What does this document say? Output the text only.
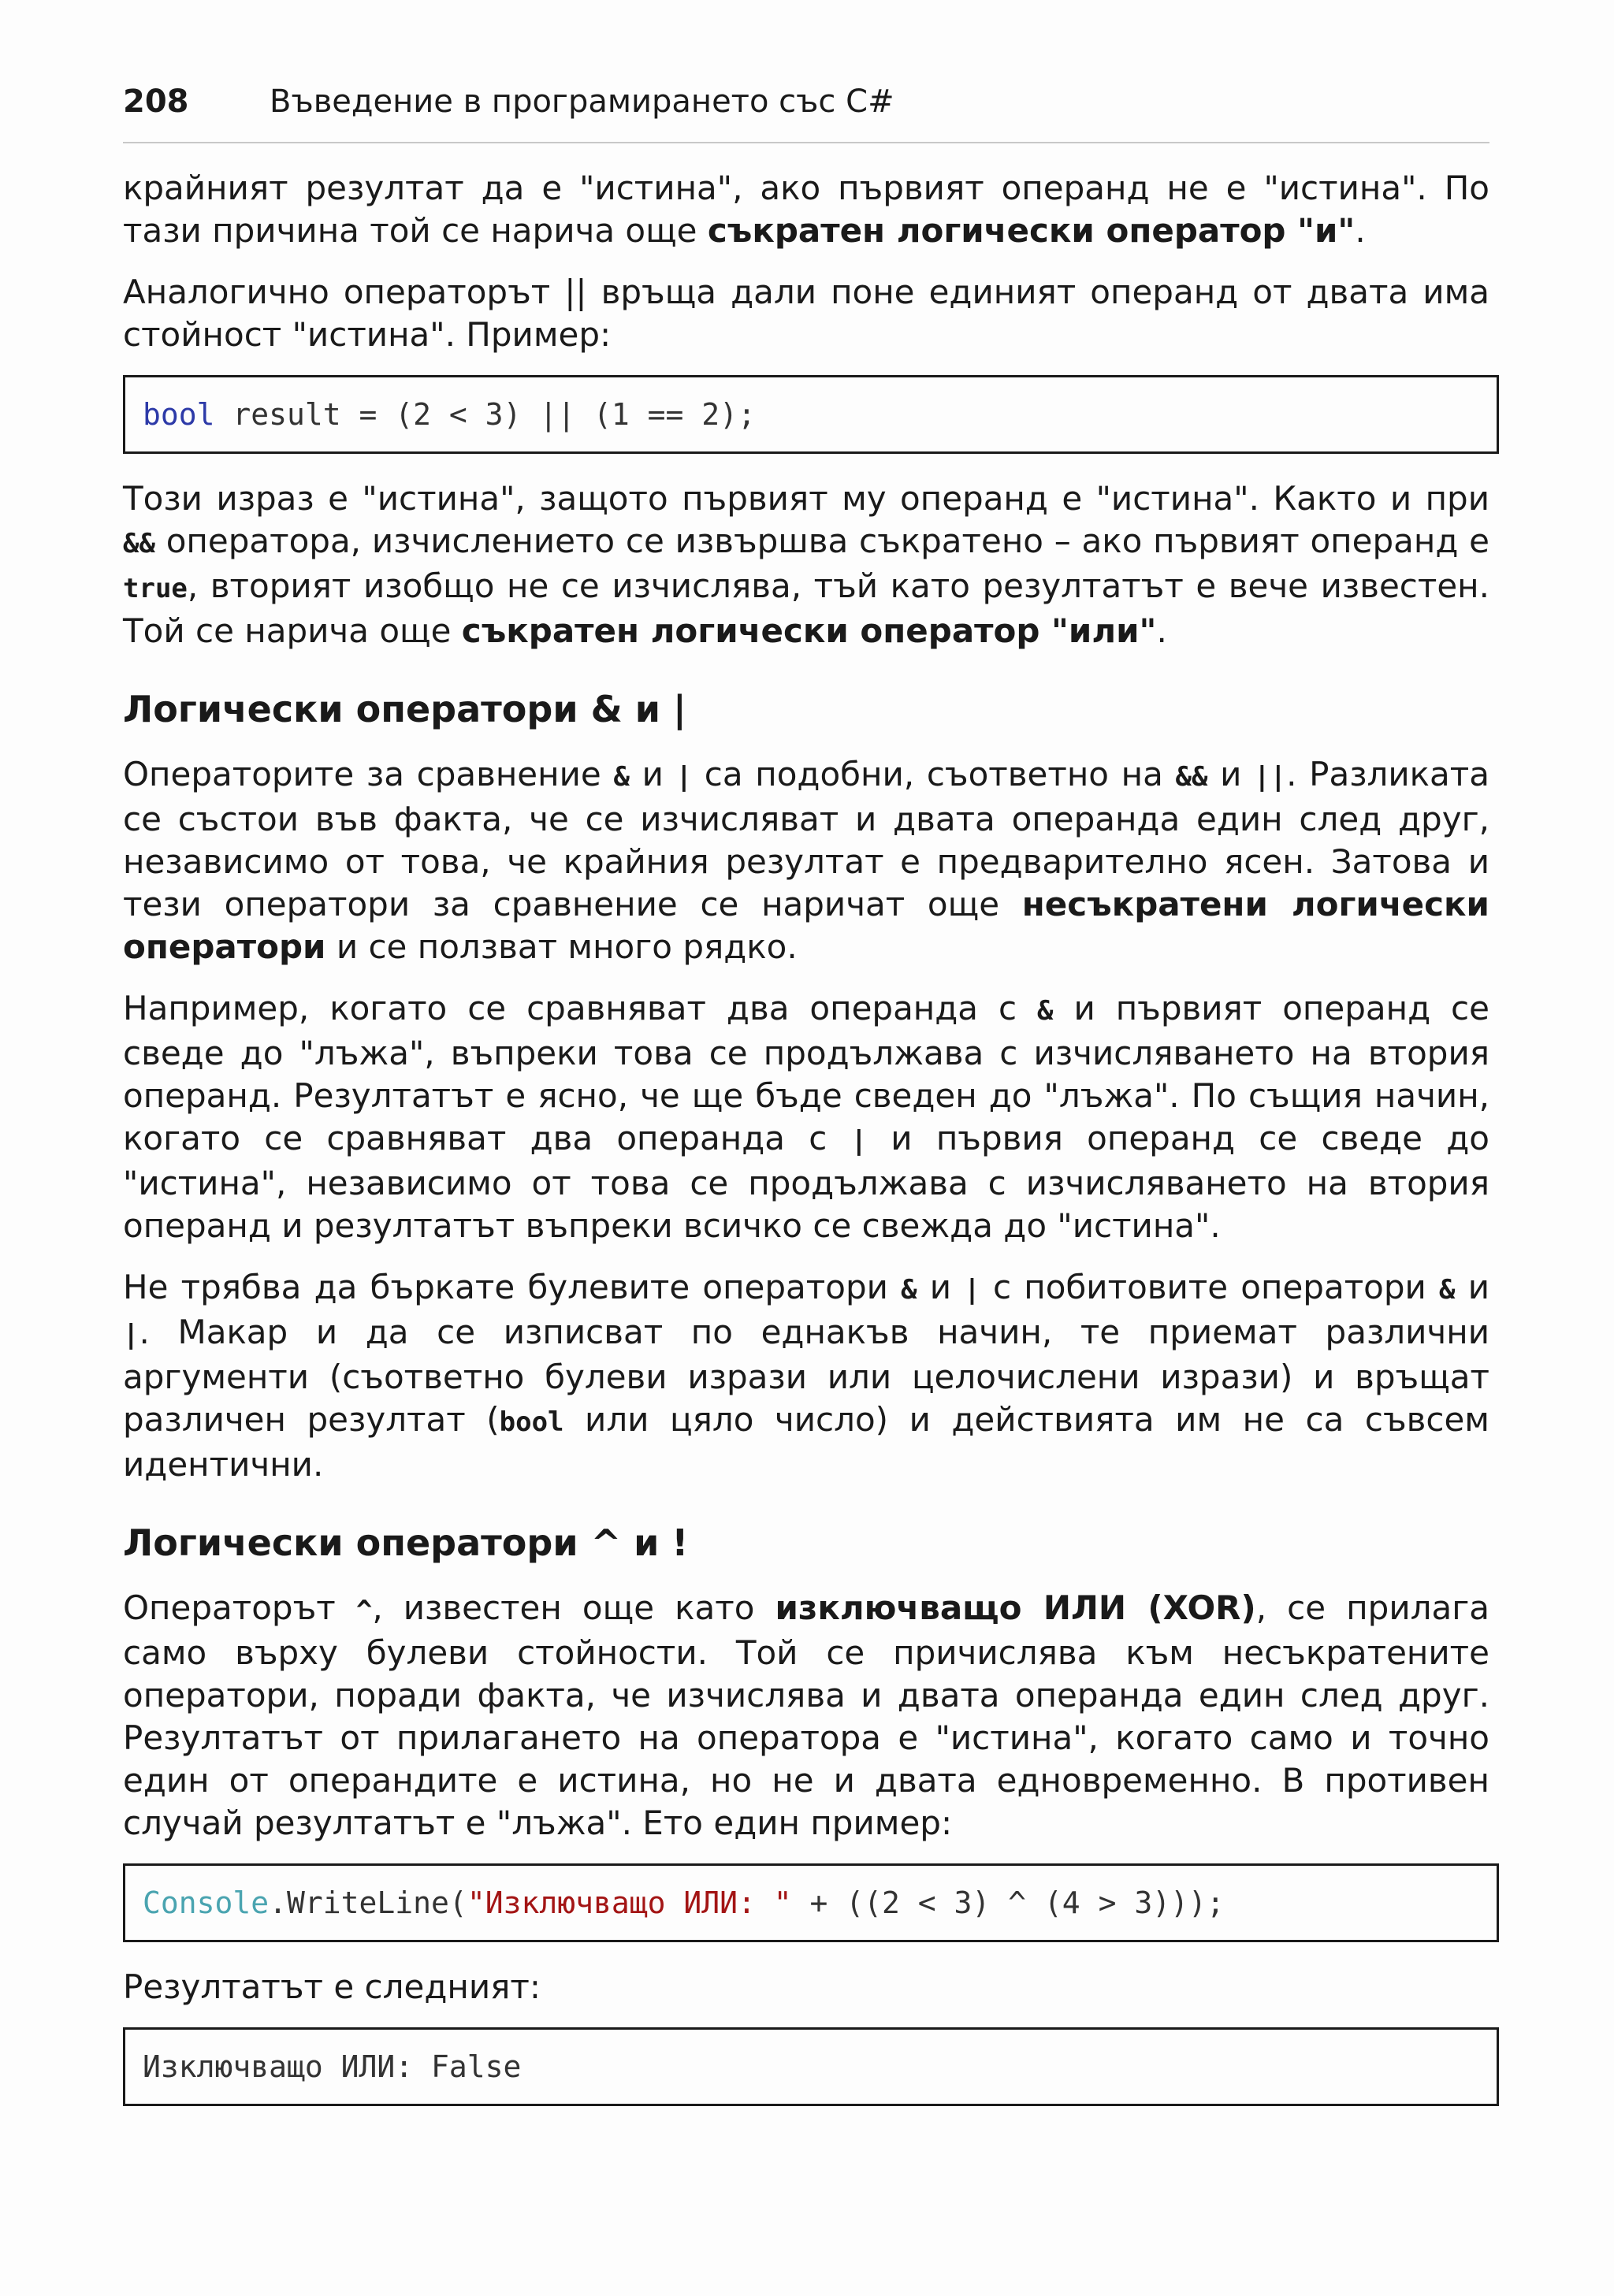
208	Въведение в програмирането със C#

крайният резултат да е "истина", ако първият операнд не е "истина". По тази причина той се нарича още съкратен логически оператор "и".

Аналогично операторът || връща дали поне единият операнд от двата има стойност "истина". Пример:

bool result = (2 < 3) || (1 == 2);

Този израз е "истина", защото първият му операнд е "истина". Както и при && оператора, изчислението се извършва съкратено – ако първият операнд е true, вторият изобщо не се изчислява, тъй като резултатът е вече известен. Той се нарича още съкратен логически оператор "или".

Логически оператори & и |

Операторите за сравнение & и | са подобни, съответно на && и ||. Разликата се състои във факта, че се изчисляват и двата операнда един след друг, независимо от това, че крайния резултат е предварително ясен. Затова и тези оператори за сравнение се наричат още несъкратени логически оператори и се ползват много рядко.

Например, когато се сравняват два операнда с & и първият операнд се сведе до "лъжа", въпреки това се продължава с изчисляването на втория операнд. Резултатът е ясно, че ще бъде сведен до "лъжа". По същия начин, когато се сравняват два операнда с | и първия операнд се сведе до "истина", независимо от това се продължава с изчисляването на втория операнд и резултатът въпреки всичко се свежда до "истина".

Не трябва да бъркате булевите оператори & и | с побитовите оператори & и |. Макар и да се изписват по еднакъв начин, те приемат различни аргументи (съответно булеви изрази или целочислени изрази) и връщат различен резултат (bool или цяло число) и действията им не са съвсем идентични.

Логически оператори ^ и !

Операторът ^, известен още като изключващо ИЛИ (XOR), се прилага само върху булеви стойности. Той се причислява към несъкратените оператори, поради факта, че изчислява и двата операнда един след друг. Резултатът от прилагането на оператора е "истина", когато само и точно един от операндите е истина, но не и двата едновременно. В противен случай резултатът е "лъжа". Ето един пример:

Console.WriteLine("Изключващо ИЛИ: " + ((2 < 3) ^ (4 > 3)));

Резултатът е следният:

Изключващо ИЛИ: False
